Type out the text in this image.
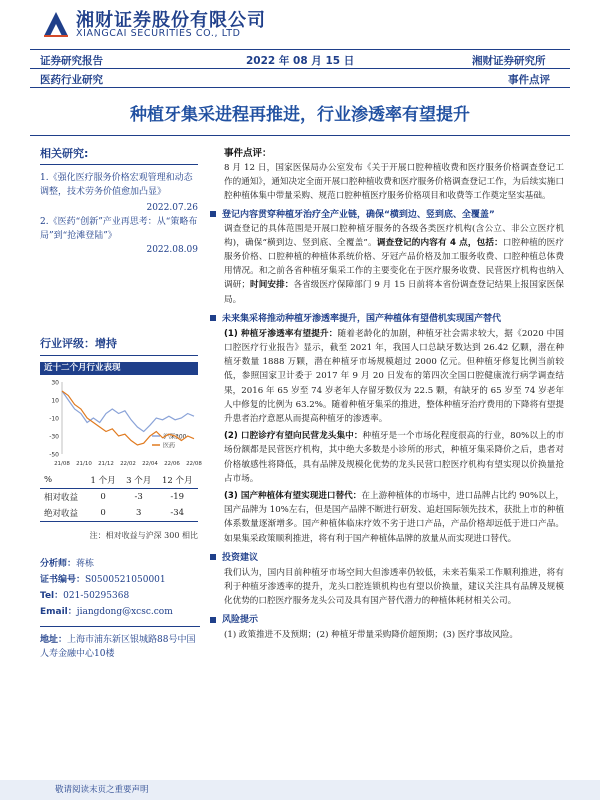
湘财证券股份有限公司
XIANGCAI SECURITIES CO., LTD
证券研究报告	2022 年 08 月 15 日	湘财证券研究所
医药行业研究	事件点评
种植牙集采进程再推进，行业渗透率有望提升
相关研究:
1.《强化医疗服务价格宏观管理和动态调整，技术劳务价值愈加凸显》
2022.07.26
2.《医药“创新”产业再思考：从“策略布局”到“抢滩登陆”》
2022.08.09
行业评级：增持
近十二个月行业表现
-50
-30
-10
10
30
21/08 21/10 21/12 22/02 22/04 22/06 22/08
沪深300
医药
%	1 个月	3 个月	12 个月
相对收益	0	-3	-19
绝对收益	0	3	-34
注：相对收益与沪深 300 相比
分析师：蒋栋
证书编号：S0500521050001
Tel：021-50295368
Email：jiangdong@xcsc.com
地址：上海市浦东新区银城路88号中国人寿金融中心10楼
事件点评：
8 月 12 日，国家医保局办公室发布《关于开展口腔种植收费和医疗服务价格调查登记工作的通知》，通知决定全面开展口腔种植收费和医疗服务价格调查登记工作，为后续实施口腔种植体集中带量采购、规范口腔种植医疗服务价格项目和收费等工作奠定坚实基础。
登记内容贯穿种植牙治疗全产业链，确保“横到边、竖到底、全覆盖”
调查登记的具体范围是开展口腔种植牙服务的各级各类医疗机构(含公立、非公立医疗机构)，确保“横到边、竖到底、全覆盖”。调查登记的内容有 4 点，包括：口腔种植的医疗服务价格、口腔种植的种植体系统价格、牙冠产品价格及加工服务收费、口腔种植总体费用情况。和之前各省种植牙集采工作的主要变化在于医疗服务收费、民营医疗机构也纳入调研；时间安排：各省级医疗保障部门 9 月 15 日前将本省份调查登记结果上报国家医保局。
未来集采将推动种植牙渗透率提升，国产种植体有望借机实现国产替代
(1) 种植牙渗透率有望提升：随着老龄化的加剧，种植牙社会需求较大，据《2020 中国口腔医疗行业报告》显示，截至 2021 年，我国人口总缺牙数达到 26.42 亿颗，潜在种植牙数量 1888 万颗，潜在种植牙市场规模超过 2000 亿元。但种植牙修复比例当前较低，参照国家卫计委于 2017 年 9 月 20 日发布的第四次全国口腔健康流行病学调查结果，2016 年 65 岁至 74 岁老年人存留牙数仅为 22.5 颗，有缺牙的 65 岁至 74 岁老年人中修复的比例为 63.2%。随着种植牙集采的推进，整体种植牙治疗费用的下降将有望提升患者治疗意愿从而提高种植牙的渗透率。
(2) 口腔诊疗有望向民营龙头集中：种植牙是一个市场化程度很高的行业，80%以上的市场份额都是民营医疗机构，其中绝大多数是小诊所的形式，种植牙集采降价之后，患者对价格敏感性将降低，具有品牌及规模化优势的龙头民营口腔医疗机构有望实现以价换量抢占市场。
(3) 国产种植体有望实现进口替代：在上游种植体的市场中，进口品牌占比约 90%以上，国产品牌为 10%左右，但是国产品牌不断进行研发、追赶国际领先技术，获批上市的种植体系数量逐渐增多。国产种植体临床疗效不劣于进口产品，产品价格却远低于进口产品。如果集采政策顺利推进，将有利于国产种植体品牌的放量从而实现进口替代。
投资建议
我们认为，国内目前种植牙市场空间大但渗透率仍较低，未来若集采工作顺利推进，将有利于种植牙渗透率的提升，龙头口腔连锁机构也有望以价换量，建议关注具有品牌及规模化优势的口腔医疗服务龙头公司及具有国产替代潜力的种植体耗材相关公司。
风险提示
(1) 政策推进不及预期；(2) 种植牙带量采购降价超预期；(3) 医疗事故风险。
敬请阅读末页之重要声明
